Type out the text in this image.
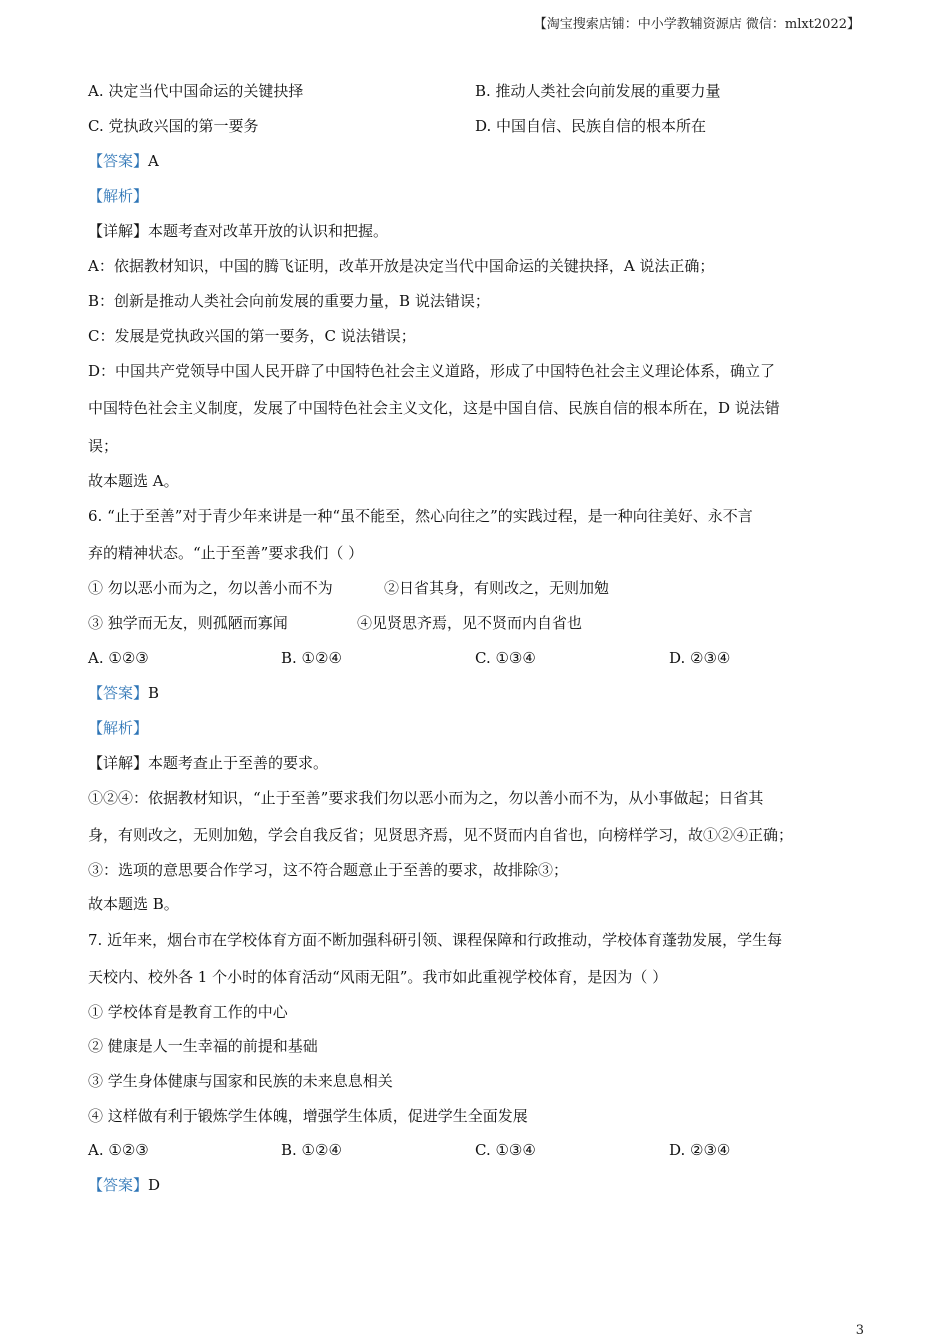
【淘宝搜索店铺：中小学教辅资源店 微信：mlxt2022】
A. 决定当代中国命运的关键抉择	B. 推动人类社会向前发展的重要力量
C. 党执政兴国的第一要务	D. 中国自信、民族自信的根本所在
【答案】A
【解析】
【详解】本题考查对改革开放的认识和把握。
A：依据教材知识，中国的腾飞证明，改革开放是决定当代中国命运的关键抉择，A 说法正确；
B：创新是推动人类社会向前发展的重要力量，B 说法错误；
C：发展是党执政兴国的第一要务，C 说法错误；
D：中国共产党领导中国人民开辟了中国特色社会主义道路，形成了中国特色社会主义理论体系，确立了
中国特色社会主义制度，发展了中国特色社会主义文化，这是中国自信、民族自信的根本所在，D 说法错
误；
故本题选 A。
6. “止于至善”对于青少年来讲是一种“虽不能至，然心向往之”的实践过程，是一种向往美好、永不言
弃的精神状态。“止于至善”要求我们（ ）
① 勿以恶小而为之，勿以善小而不为	②日省其身，有则改之，无则加勉
③ 独学而无友，则孤陋而寡闻	④见贤思齐焉，见不贤而内自省也
A. ①②③	B. ①②④	C. ①③④	D. ②③④
【答案】B
【解析】
【详解】本题考查止于至善的要求。
①②④：依据教材知识，“止于至善”要求我们勿以恶小而为之，勿以善小而不为，从小事做起；日省其
身，有则改之，无则加勉，学会自我反省；见贤思齐焉，见不贤而内自省也，向榜样学习，故①②④正确；
③：选项的意思要合作学习，这不符合题意止于至善的要求，故排除③；
故本题选 B。
7. 近年来，烟台市在学校体育方面不断加强科研引领、课程保障和行政推动，学校体育蓬勃发展，学生每
天校内、校外各 1 个小时的体育活动“风雨无阻”。我市如此重视学校体育，是因为（ ）
① 学校体育是教育工作的中心
② 健康是人一生幸福的前提和基础
③ 学生身体健康与国家和民族的未来息息相关
④ 这样做有利于锻炼学生体魄，增强学生体质，促进学生全面发展
A. ①②③	B. ①②④	C. ①③④	D. ②③④
【答案】D
3
